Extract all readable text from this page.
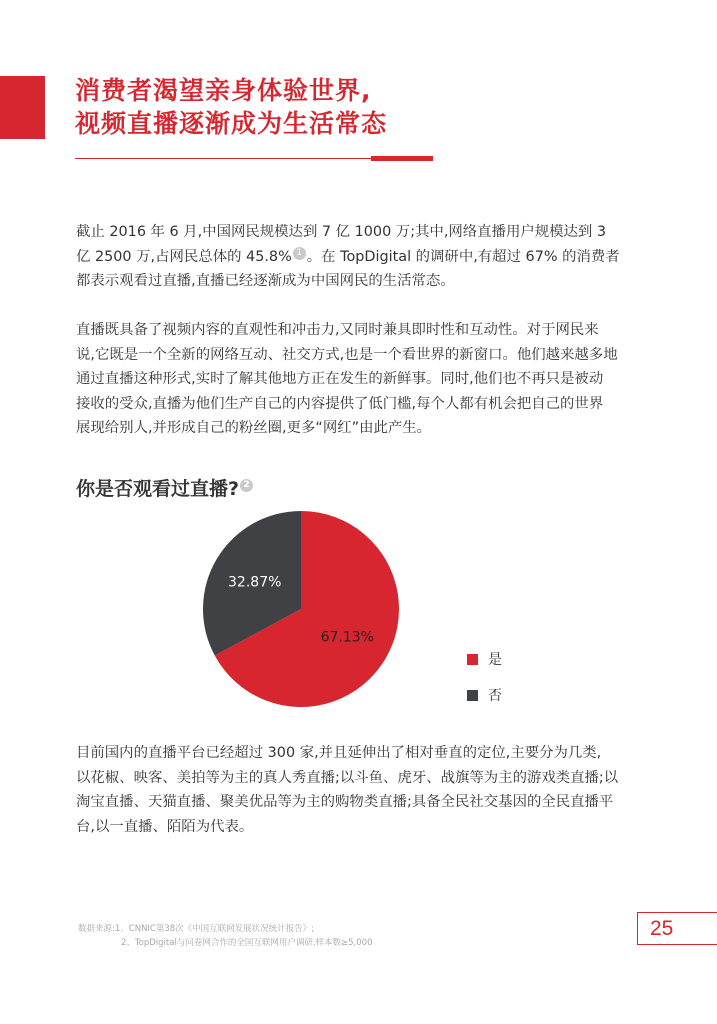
消费者渴望亲身体验世界,
视频直播逐渐成为生活常态
截止 2016 年 6 月,中国网民规模达到 7 亿 1000 万;其中,网络直播用户规模达到 3
亿 2500 万,占网民总体的 45.8% 1 。在 TopDigital 的调研中,有超过 67% 的消费者
都表示观看过直播,直播已经逐渐成为中国网民的生活常态。
直播既具备了视频内容的直观性和冲击力,又同时兼具即时性和互动性。对于网民来
说,它既是一个全新的网络互动、社交方式,也是一个看世界的新窗口。他们越来越多地
通过直播这种形式,实时了解其他地方正在发生的新鲜事。同时,他们也不再只是被动
接收的受众,直播为他们生产自己的内容提供了低门槛,每个人都有机会把自己的世界
展现给别人,并形成自己的粉丝圈,更多“网红”由此产生。
你是否观看过直播? 2
67.13%
32.87%
是
否
目前国内的直播平台已经超过 300 家,并且延伸出了相对垂直的定位,主要分为几类,
以花椒、映客、美拍等为主的真人秀直播;以斗鱼、虎牙、战旗等为主的游戏类直播;以
淘宝直播、天猫直播、聚美优品等为主的购物类直播;具备全民社交基因的全民直播平
台,以一直播、陌陌为代表。
数据来源:1、CNNIC第38次《中国互联网发展状况统计报告》;
2、TopDigital与问卷网合作的全国互联网用户调研,样本数≥5,000
25
